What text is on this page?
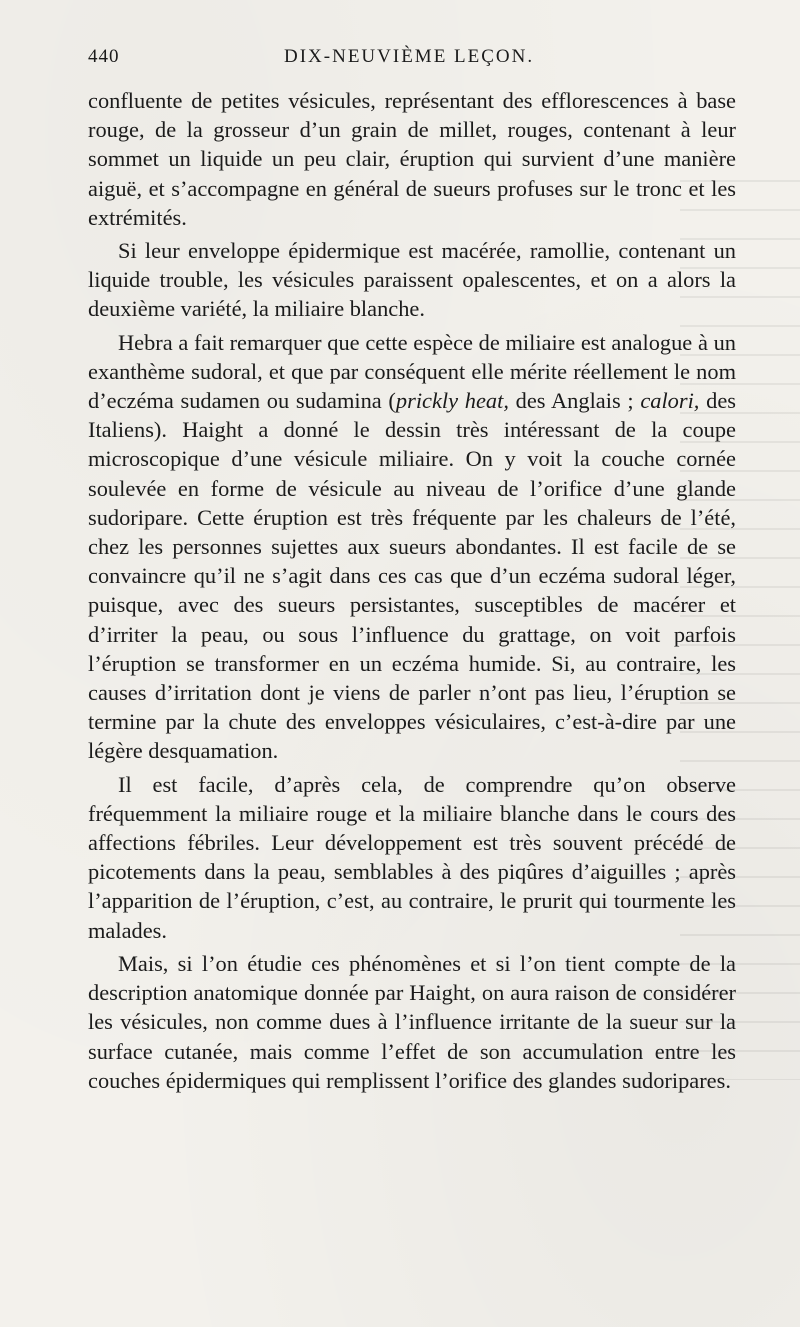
440	DIX-NEUVIÈME LEÇON.

confluente de petites vésicules, représentant des efflorescences à base rouge, de la grosseur d’un grain de millet, rouges, contenant à leur sommet un liquide un peu clair, éruption qui survient d’une manière aiguë, et s’accompagne en général de sueurs profuses sur le tronc et les extrémités.

Si leur enveloppe épidermique est macérée, ramollie, contenant un liquide trouble, les vésicules paraissent opalescentes, et on a alors la deuxième variété, la miliaire blanche.

Hebra a fait remarquer que cette espèce de miliaire est analogue à un exanthème sudoral, et que par conséquent elle mérite réellement le nom d’eczéma sudamen ou sudamina (prickly heat, des Anglais ; calori, des Italiens). Haight a donné le dessin très intéressant de la coupe microscopique d’une vésicule miliaire. On y voit la couche cornée soulevée en forme de vésicule au niveau de l’orifice d’une glande sudoripare. Cette éruption est très fréquente par les chaleurs de l’été, chez les personnes sujettes aux sueurs abondantes. Il est facile de se convaincre qu’il ne s’agit dans ces cas que d’un eczéma sudoral léger, puisque, avec des sueurs persistantes, susceptibles de macérer et d’irriter la peau, ou sous l’influence du grattage, on voit parfois l’éruption se transformer en un eczéma humide. Si, au contraire, les causes d’irritation dont je viens de parler n’ont pas lieu, l’éruption se termine par la chute des enveloppes vésiculaires, c’est-à-dire par une légère desquamation.

Il est facile, d’après cela, de comprendre qu’on observe fréquemment la miliaire rouge et la miliaire blanche dans le cours des affections fébriles. Leur développement est très souvent précédé de picotements dans la peau, semblables à des piqûres d’aiguilles ; après l’apparition de l’éruption, c’est, au contraire, le prurit qui tourmente les malades.

Mais, si l’on étudie ces phénomènes et si l’on tient compte de la description anatomique donnée par Haight, on aura raison de considérer les vésicules, non comme dues à l’influence irritante de la sueur sur la surface cutanée, mais comme l’effet de son accumulation entre les couches épidermiques qui remplissent l’orifice des glandes sudoripares.
